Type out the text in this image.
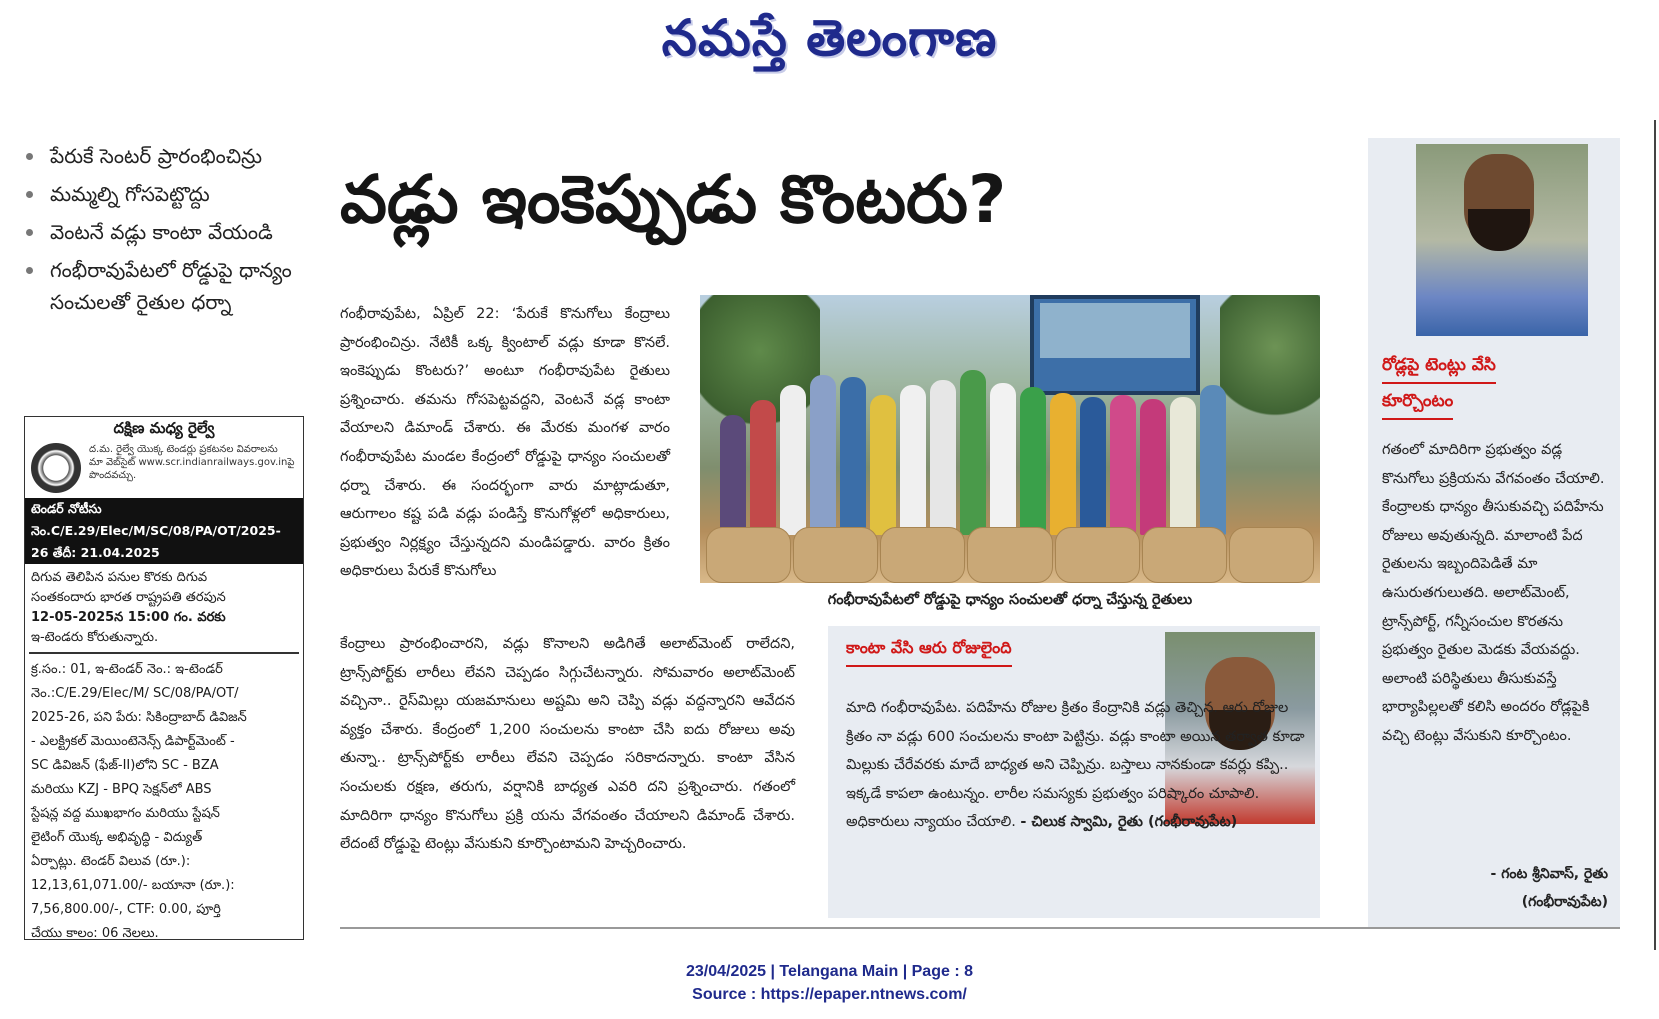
నమస్తే తెలంగాణ
పేరుకే సెంటర్ ప్రారంభించిన్రు
మమ్మల్ని గోసపెట్టొద్దు
వెంటనే వడ్లు కాంటా వేయండి
గంభీరావుపేటలో రోడ్డుపై ధాన్యం సంచులతో రైతుల ధర్నా
దక్షిణ మధ్య రైల్వే
ద.మ. రైల్వే యొక్క టెండర్లు ప్రకటనల వివరాలను
మా వెబ్‌సైట్ www.scr.indianrailways.gov.inపై పొందవచ్చు.
టెండర్ నోటీసు నెం.C/E.29/Elec/M/SC/08/PA/OT/2025-26 తేదీ: 21.04.2025
దిగువ తెలిపిన పనుల కొరకు దిగువ
సంతకందారు భారత రాష్ట్రపతి తరపున
12-05-2025న 15:00 గం. వరకు
ఇ-టెండరు కోరుతున్నారు.
క్ర.సం.: 01, ఇ-టెండర్ నెం.: ఇ-టెండర్
నెం.:C/E.29/Elec/M/ SC/08/PA/OT/
2025-26, పని పేరు: సికింద్రాబాద్ డివిజన్
- ఎలక్ట్రికల్ మెయింటెనెన్స్ డిపార్ట్‌మెంట్ -
SC డివిజన్ (ఫేజ్-II)లోని SC - BZA
మరియు KZJ - BPQ సెక్షన్‌లో ABS
స్టేషన్ల వద్ద ముఖభాగం మరియు స్టేషన్
లైటింగ్ యొక్క అభివృద్ధి - విద్యుత్
ఏర్పాట్లు. టెండర్ విలువ (రూ.):
12,13,61,071.00/- బయానా (రూ.):
7,56,800.00/-, CTF: 0.00, పూర్తి
చేయు కాలం: 06 నెలలు.
వడ్లు ఇంకెప్పుడు కొంటరు?

గంభీరావుపేట, ఏప్రిల్ 22: ‘పేరుకే కొనుగోలు కేంద్రాలు ప్రారంభించిన్రు. నేటికీ ఒక్క క్వింటాల్ వడ్లు కూడా కొనలే. ఇంకెప్పుడు కొంటరు?’ అంటూ గంభీరావుపేట రైతులు ప్రశ్నించారు. తమను గోసపెట్టవద్దని, వెంటనే వడ్ల కాంటా వేయాలని డిమాండ్ చేశారు. ఈ మేరకు మంగళ వారం గంభీరావుపేట మండల కేంద్రంలో రోడ్డుపై ధాన్యం సంచులతో ధర్నా చేశారు. ఈ సందర్భంగా వారు మాట్లాడుతూ, ఆరుగాలం కష్ట పడి వడ్లు పండిస్తే కొనుగోళ్లలో అధికారులు, ప్రభుత్వం నిర్లక్ష్యం చేస్తున్నదని మండిపడ్డారు. వారం క్రితం అధికారులు పేరుకే కొనుగోలు

కేంద్రాలు ప్రారంభించారని, వడ్లు కొనాలని అడిగితే అలాట్‌మెంట్ రాలేదని, ట్రాన్స్‌పోర్ట్‌కు లారీలు లేవని చెప్పడం సిగ్గుచేటన్నారు. సోమవారం అలాట్‌మెంట్ వచ్చినా.. రైస్‌మిల్లు యజమానులు అష్టమి అని చెప్పి వడ్లు వద్దన్నారని ఆవేదన వ్యక్తం చేశారు. కేంద్రంలో 1,200 సంచులను కాంటా చేసి ఐదు రోజులు అవు తున్నా.. ట్రాన్స్‌పోర్ట్‌కు లారీలు లేవని చెప్పడం సరికాదన్నారు. కాంటా వేసిన సంచులకు రక్షణ, తరుగు, వర్షానికి బాధ్యత ఎవరి దని ప్రశ్నించారు. గతంలో మాదిరిగా ధాన్యం కొనుగోలు ప్రక్రి యను వేగవంతం చేయాలని డిమాండ్ చేశారు. లేదంటే రోడ్డుపై టెంట్లు వేసుకుని కూర్చొంటామని హెచ్చరించారు.

గంభీరావుపేటలో రోడ్డుపై ధాన్యం సంచులతో ధర్నా చేస్తున్న రైతులు
కాంటా వేసి ఆరు రోజులైంది
మాది గంభీరావుపేట. పదిహేను రోజుల క్రితం కేంద్రానికి వడ్లు తెచ్చిన. ఆరు రోజుల క్రితం నా వడ్లు 600 సంచులను కాంటా పెట్టిన్రు. వడ్లు కాంటా అయిన తర్వాత కూడా మిల్లుకు చేరేవరకు మాదే బాధ్యత అని చెప్పిన్రు. బస్తాలు నానకుండా కవర్లు కప్పి.. ఇక్కడే కాపలా ఉంటున్నం. లారీల సమస్యకు ప్రభుత్వం పరిష్కారం చూపాలి. అధికారులు న్యాయం చేయాలి. - చిలుక స్వామి, రైతు (గంభీరావుపేట)
రోడ్లపై టెంట్లు వేసి
కూర్చొంటం
గతంలో మాదిరిగా ప్రభుత్వం వడ్ల కొనుగోలు ప్రక్రియను వేగవంతం చేయాలి. కేంద్రాలకు ధాన్యం తీసుకువచ్చి పదిహేను రోజులు అవుతున్నది. మాలాంటి పేద రైతులను ఇబ్బందిపెడితే మా ఉసురుతగులుతది. అలాట్‌మెంట్, ట్రాన్స్‌పోర్ట్, గన్నీసంచుల కొరతను ప్రభుత్వం రైతుల మెడకు వేయవద్దు. అలాంటి పరిస్థితులు తీసుకువస్తే భార్యాపిల్లలతో కలిసి అందరం రోడ్లపైకి వచ్చి టెంట్లు వేసుకుని కూర్చొంటం.
- గంట శ్రీనివాస్, రైతు
(గంభీరావుపేట)
23/04/2025 | Telangana Main | Page : 8
Source : https://epaper.ntnews.com/
